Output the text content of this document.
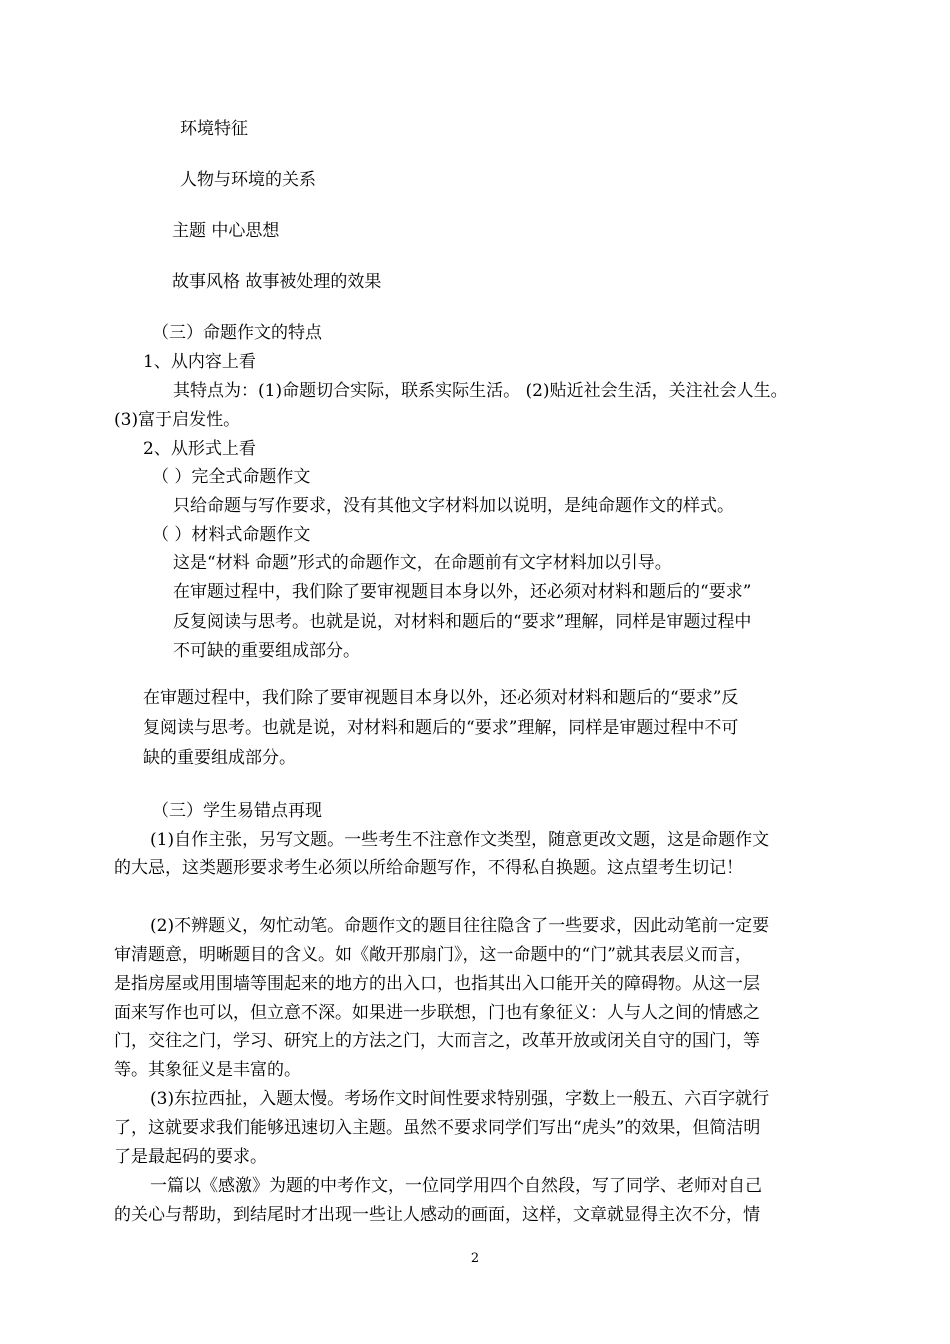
环境特征
人物与环境的关系
主题 中心思想
故事风格 故事被处理的效果
（三）命题作文的特点
1、从内容上看
其特点为：(1)命题切合实际，联系实际生活。 (2)贴近社会生活，关注社会人生。
(3)富于启发性。
2、从形式上看
（ ）完全式命题作文
只给命题与写作要求，没有其他文字材料加以说明，是纯命题作文的样式。
（ ）材料式命题作文
这是“材料 命题”形式的命题作文，在命题前有文字材料加以引导。
在审题过程中，我们除了要审视题目本身以外，还必须对材料和题后的“要求”
反复阅读与思考。也就是说，对材料和题后的“要求”理解，同样是审题过程中
不可缺的重要组成部分。
在审题过程中，我们除了要审视题目本身以外，还必须对材料和题后的“要求”反
复阅读与思考。也就是说，对材料和题后的“要求”理解，同样是审题过程中不可
缺的重要组成部分。
（三）学生易错点再现
(1)自作主张，另写文题。一些考生不注意作文类型，随意更改文题，这是命题作文
的大忌，这类题形要求考生必须以所给命题写作，不得私自换题。这点望考生切记！
(2)不辨题义，匆忙动笔。命题作文的题目往往隐含了一些要求，因此动笔前一定要
审清题意，明晰题目的含义。如《敞开那扇门》，这一命题中的“门”就其表层义而言，
是指房屋或用围墙等围起来的地方的出入口，也指其出入口能开关的障碍物。从这一层
面来写作也可以，但立意不深。如果进一步联想，门也有象征义：人与人之间的情感之
门，交往之门，学习、研究上的方法之门，大而言之，改革开放或闭关自守的国门，等
等。其象征义是丰富的。
(3)东拉西扯，入题太慢。考场作文时间性要求特别强，字数上一般五、六百字就行
了，这就要求我们能够迅速切入主题。虽然不要求同学们写出“虎头”的效果，但简洁明
了是最起码的要求。
一篇以《感激》为题的中考作文，一位同学用四个自然段，写了同学、老师对自己
的关心与帮助，到结尾时才出现一些让人感动的画面，这样，文章就显得主次不分，情
2
